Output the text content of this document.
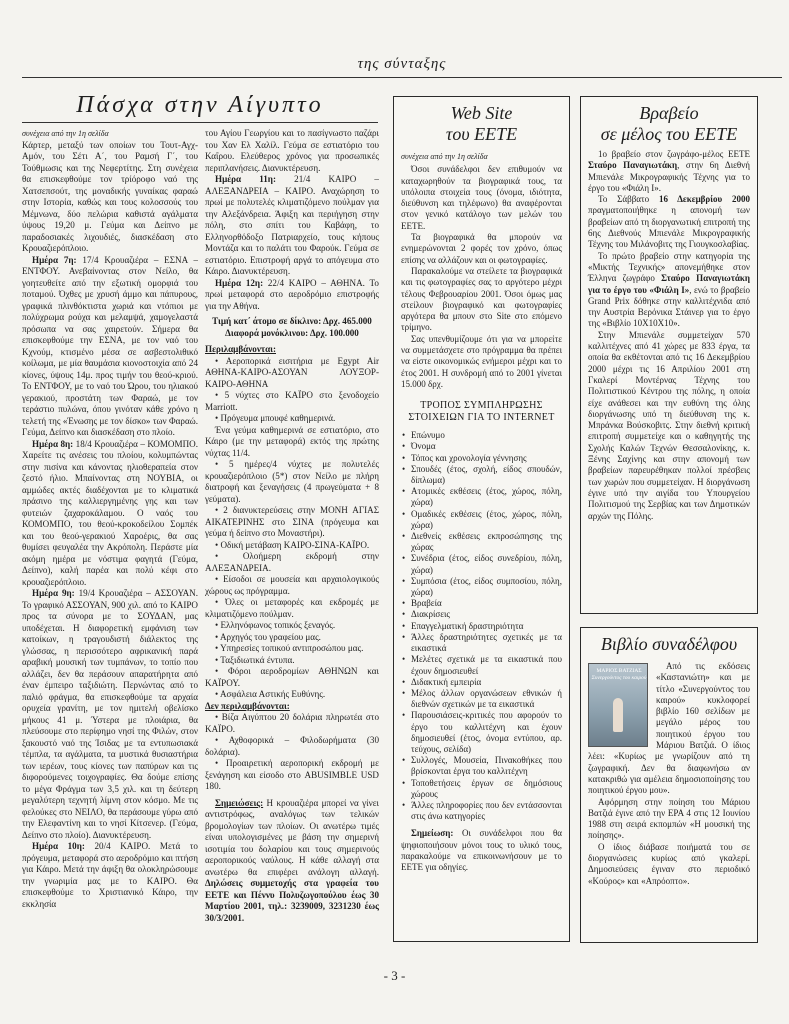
της σύνταξης
Πάσχα στην Αίγυπτο

συνέχεια από την 1η σελίδα

Κάρτερ, μεταξύ των οποίων του Τουτ-Αγχ-Αμόν, του Σέτι Α΄, του Ραμσή Γ΄, του Τούθμωσις και της Νεφερτίτης. Στη συνέχεια θα επισκεφθούμε τον τρίόροφο ναό της Χατσεπσούτ, της μοναδικής γυναίκας φαραώ στην Ιστορία, καθώς και τους κολοσσούς του Μέμνωνα, δύο πελώρια καθιστά αγάλματα ύψους 19,20 μ. Γεύμα και Δείπνο με παραδοσιακές λιχουδιές, διασκέδαση στο Κρουαζιερόπλοιο.

Ημέρα 7η: 17/4 Κρουαζιέρα – ΕΣΝΑ – ΕΝΤΦΟΥ. Ανεβαίνοντας στον Νείλο, θα γοητευθείτε από την εξωτική ομορφιά του ποταμού. Όχθες με χρυσή άμμο και πάπυρους, γραφικά πλινθόκτιστα χωριά και ντόπιοι με πολύχρωμα ρούχα και μελαμψά, χαμογελαστά πρόσωπα να σας χαιρετούν. Σήμερα θα επισκεφθούμε την ΕΣΝΑ, με τον ναό του Κχνούμ, κτισμένο μέσα σε ασβεστολιθικό κοίλωμα, με μία θαυμάσια κιονοστοιχία από 24 κίονες, ύψους 14μ. προς τιμήν του θεού-κριού. Το ΕΝΤΦΟΥ, με το ναό του Ώρου, του ηλιακού γερακιού, προστάτη των Φαραώ, με τον τεράστιο πυλώνα, όπου γινόταν κάθε χρόνο η τελετή της «Ένωσης με τον δίσκο» των Φαραώ. Γεύμα, Δείπνο και διασκέδαση στο πλοίο.

Ημέρα 8η: 18/4 Κρουαζιέρα – ΚΟΜΟΜΠΟ. Χαρείτε τις ανέσεις του πλοίου, κολυμπώντας στην πισίνα και κάνοντας ηλιοθεραπεία στον ζεστό ήλιο. Μπαίνοντας στη ΝΟΥΒΙΑ, οι αμμώδες ακτές διαδέχονται με το κλιματικά πράσινο της καλλιεργημένης γης και των φυτειών ζαχαροκάλαμου. Ο ναός του ΚΟΜΟΜΠΟ, του θεού-κροκοδείλου Σομπέκ και του θεού-γερακιού Χαροέρις, θα σας θυμίσει φευγαλέα την Ακρόπολη. Περάστε μία ακόμη ημέρα με νόστιμα φαγητά (Γεύμα, Δείπνο), καλή παρέα και πολύ κέφι στο κρουαζιερόπλοιο.

Ημέρα 9η: 19/4 Κρουαζιέρα – ΑΣΣΟΥΑΝ. Το γραφικό ΑΣΣΟΥΑΝ, 900 χιλ. από το ΚΑΙΡΟ προς τα σύνορα με το ΣΟΥΔΑΝ, μας υποδέχεται. Η διαφορετική εμφάνιση των κατοίκων, η τραγουδιστή διάλεκτος της γλώσσας, η περισσότερο αφρικανική παρά αραβική μουσική των τυμπάνων, το τοπίο που αλλάζει, δεν θα περάσουν απαρατήρητα από έναν έμπειρο ταξιδιώτη. Περνώντας από το παλιό φράγμα, θα επισκεφθούμε τα αρχαία ορυχεία γρανίτη, με τον ημιτελή οβελίσκο μήκους 41 μ. Ύστερα με πλοιάρια, θα πλεύσουμε στο περίφημο νησί της Φιλών, στον ξακουστό ναό της Ίσιδας με τα εντυπωσιακά τέμπλα, τα αγάλματα, τα μυστικά θυσιαστήρια των ιερέων, τους κίονες των παπύρων και τις διφορούμενες τοιχογραφίες. Θα δούμε επίσης το μέγα Φράγμα των 3,5 χιλ. και τη δεύτερη μεγαλύτερη τεχνητή λίμνη στον κόσμο. Με τις φελούκες στο ΝΕΙΛΟ, θα περάσουμε γύρω από την Ελεφαντίνη και το νησί Κίτσενερ. (Γεύμα, Δείπνο στο πλοίο). Διανυκτέρευση.

Ημέρα 10η: 20/4 ΚΑΙΡΟ. Μετά το πρόγευμα, μεταφορά στο αεροδρόμιο και πτήση για Κάιρο. Μετά την άφιξη θα ολοκληρώσουμε την γνωριμία μας με το ΚΑΙΡΟ. Θα επισκεφθούμε το Χριστιανικό Κάιρο, την εκκλησία

του Αγίου Γεωργίου και το πασίγνωστο παζάρι του Χαν Ελ Χαλίλ. Γεύμα σε εστιατόριο του Καΐρου. Ελεύθερος χρόνος για προσωπικές περιπλανήσεις. Διανυκτέρευση.

Ημέρα 11η: 21/4 ΚΑΙΡΟ – ΑΛΕΞΑΝΔΡΕΙΑ – ΚΑΙΡΟ. Αναχώρηση το πρωί με πολυτελές κλιματιζόμενο πούλμαν για την Αλεξάνδρεια. Άφιξη και περιήγηση στην πόλη, στο σπίτι του Καβάφη, το Ελληνορθόδοξο Πατριαρχείο, τους κήπους Μοντάζα και το παλάτι του Φαρούκ. Γεύμα σε εστιατόριο. Επιστροφή αργά το απόγευμα στο Κάιρο. Διανυκτέρευση.

Ημέρα 12η: 22/4 ΚΑΙΡΟ – ΑΘΗΝΑ. Το πρωί μεταφορά στο αεροδρόμιο επιστροφής για την Αθήνα.

Τιμή κατ΄ άτομο σε δίκλινο: Δρχ. 465.000
Διαφορά μονόκλινου: Δρχ. 100.000

Περιλαμβάνονται:

• Αεροπορικά εισιτήρια με Egypt Air ΑΘΗΝΑ-ΚΑΙΡΟ-ΑΣΟΥΑΝ ΛΟΥΞΟΡ-ΚΑΙΡΟ-ΑΘΗΝΑ

• 5 νύχτες στο ΚΑΪΡΟ στο ξενοδοχείο Marriott.

• Πρόγευμα μπουφέ καθημερινά.

Ένα γεύμα καθημερινά σε εστιατόριο, στο Κάιρο (με την μεταφορά) εκτός της πρώτης νύχτας 11/4.

• 5 ημέρες/4 νύχτες με πολυτελές κρουαζιερόπλοιο (5*) στον Νείλο με πλήρη διατροφή και ξεναγήσεις (4 πρωγεύματα + 8 γεύματα).

• 2 διανυκτερεύσεις στην ΜΟΝΗ ΑΓΙΑΣ ΑΙΚΑΤΕΡΙΝΗΣ στο ΣΙΝΑ (πρόγευμα και γεύμα ή δείπνο στο Μοναστήρι).

• Οδική μετάβαση ΚΑΙΡΟ-ΣΙΝΑ-ΚΑΪΡΟ.

• Ολοήμερη εκδρομή στην ΑΛΕΞΑΝΔΡΕΙΑ.

• Είσοδοι σε μουσεία και αρχαιολογικούς χώρους ως πρόγραμμα.

• Όλες οι μεταφορές και εκδρομές με κλιματιζόμενο πούλμαν.

• Ελληνόφωνος τοπικός ξεναγός.

• Αρχηγός του γραφείου μας.

• Υπηρεσίες τοπικού αντιπροσώπου μας.

• Ταξιδιωτικά έντυπα.

• Φόροι αεροδρομίων ΑΘΗΝΩΝ και ΚΑΪΡΟΥ.

• Ασφάλεια Αστικής Ευθύνης.

Δεν περιλαμβάνονται:

• Βίζα Αιγύπτου 20 δολάρια πληρωτέα στο ΚΑΪΡΟ.

• Αχθοφορικά – Φιλοδωρήματα (30 δολάρια).

• Προαιρετική αεροπορική εκδρομή με ξενάγηση και είσοδο στο ABUSIMBLE USD 180.

Σημειώσεις: Η κρουαζιέρα μπορεί να γίνει αντιστρόφως, αναλόγως των τελικών βρομολογίων των πλοίων. Οι ανωτέρω τιμές είναι υπολογισμένες με βάση την σημερινή ισοτιμία του δολαρίου και τους σημερινούς αεροπορικούς ναύλους. Η κάθε αλλαγή στα ανωτέρω θα επιφέρει ανάλογη αλλαγή. Δηλώσεις συμμετοχής στα γραφεία του ΕΕΤΕ και Πέννυ Πολυζωγοπούλου έως 30 Μαρτίου 2001, τηλ.: 3239009, 3231230 έως 30/3/2001.

Web Site
του ΕΕΤΕ

συνέχεια από την 1η σελίδα

Όσοι συνάδελφοι δεν επιθυμούν να καταχωρηθούν τα βιογραφικά τους, τα υπόλοιπα στοιχεία τους (όνομα, ιδιότητα, διεύθυνση και τηλέφωνο) θα αναφέρονται στον γενικό κατάλογο των μελών του ΕΕΤΕ.

Τα βιογραφικά θα μπορούν να ενημερώνονται 2 φορές τον χρόνο, όπως επίσης να αλλάζουν και οι φωτογραφίες.

Παρακαλούμε να στείλετε τα βιογραφικά και τις φωτογραφίες σας το αργότερο μέχρι τέλους Φεβρουαρίου 2001. Όσοι όμως μας στείλουν βιογραφικό και φωτογραφίες αργότερα θα μπουν στο Site στο επόμενο τρίμηνο.

Σας υπενθυμίζουμε ότι για να μπορείτε να συμμετάσχετε στο πρόγραμμα θα πρέπει να είστε οικονομικώς ενήμεροι μέχρι και το έτος 2001. Η συνδρομή από το 2001 γίνεται 15.000 δρχ.

ΤΡΟΠΟΣ ΣΥΜΠΛΗΡΩΣΗΣ
ΣΤΟΙΧΕΙΩΝ ΓΙΑ ΤΟ INTERNET
• Επώνυμο
• Όνομα
• Τόπος και χρονολογία γέννησης
• Σπουδές (έτος, σχολή, είδος σπουδών, δίπλωμα)
• Ατομικές εκθέσεις (έτος, χώρος, πόλη, χώρα)
• Ομαδικές εκθέσεις (έτος, χώρος, πόλη, χώρα)
• Διεθνείς εκθέσεις εκπροσώπησης της χώρας
• Συνέδρια (έτος, είδος συνεδρίου, πόλη, χώρα)
• Συμπόσια (έτος, είδος συμποσίου, πόλη, χώρα)
• Βραβεία
• Διακρίσεις
• Επαγγελματική δραστηριότητα
• Άλλες δραστηριότητες σχετικές με τα εικαστικά
• Μελέτες σχετικά με τα εικαστικά που έχουν δημοσιευθεί
• Διδακτική εμπειρία
• Μέλος άλλων οργανώσεων εθνικών ή διεθνών σχετικών με τα εικαστικά
• Παρουσιάσεις-κριτικές που αφορούν το έργο του καλλιτέχνη και έχουν δημοσιευθεί (έτος, όνομα εντύπου, αρ. τεύχους, σελίδα)
• Συλλογές, Μουσεία, Πινακοθήκες που βρίσκονται έργα του καλλιτέχνη
• Τοποθετήσεις έργων σε δημόσιους χώρους
• Άλλες πληροφορίες που δεν εντάσσονται στις άνω κατηγορίες

Σημείωση: Οι συνάδελφοι που θα ψηφιοποιήσουν μόνοι τους το υλικό τους, παρακαλούμε να επικοινωνήσουν με το ΕΕΤΕ για οδηγίες.

Βραβείο
σε μέλος του ΕΕΤΕ

1ο βραβείο στον ζωγράφο-μέλος ΕΕΤΕ Σταύρο Παναγιωτάκη, στην 6η Διεθνή Μπιενάλε Μικρογραφικής Τέχνης για το έργο του «Φιάλη Ι».

Το Σάββατο 16 Δεκεμβρίου 2000 πραγματοποιήθηκε η απονομή των βραβείων από τη διοργανωτική επιτροπή της 6ης Διεθνούς Μπιενάλε Μικρογραφικής Τέχνης του Μιλάνοβιτς της Γιουγκοσλαβίας.

Το πρώτο βραβείο στην κατηγορία της «Μικτής Τεχνικής» απονεμήθηκε στον Έλληνα ζωγράφο Σταύρο Παναγιωτάκη για το έργο του «Φιάλη Ι», ενώ το βραβείο Grand Prix δόθηκε στην καλλιτέχνιδα από την Αυστρία Βερόνικα Στάινερ για το έργο της «Βιβλίο 10Χ10Χ10».

Στην Μπιενάλε συμμετείχαν 570 καλλιτέχνες από 41 χώρες με 833 έργα, τα οποία θα εκθέτονται από τις 16 Δεκεμβρίου 2000 μέχρι τις 16 Απριλίου 2001 στη Γκαλερί Μοντέρνας Τέχνης του Πολιτιστικού Κέντρου της πόλης, η οποία είχε ανάθεσει και την ευθύνη της όλης διοργάνωσης υπό τη διεύθυνση της κ. Μπράνκα Βούσκοβιτς. Στην διεθνή κριτική επιτροπή συμμετείχε και ο καθηγητής της Σχολής Καλών Τεχνών Θεσσαλονίκης, κ. Ξένης Σαχίνης και στην απονομή των βραβείων παρευρέθηκαν πολλοί πρέσβεις των χωρών που συμμετείχαν. Η διοργάνωση έγινε υπό την αιγίδα του Υπουργείου Πολιτισμού της Σερβίας και των Δημοτικών αρχών της Πόλης.

Βιβλίο συναδέλφου
ΜΑΡΙΟΣ ΒΑΤΖΙΑΣ
Συνεργούντος του καιρού

Από τις εκδόσεις «Καστανιώτη» και με τίτλο «Συνεργούντος του καιρού» κυκλοφορεί βιβλίο 160 σελίδων με μεγάλο μέρος του ποιητικού έργου του Μάριου Βατζιά. Ο ίδιος λέει: «Κυρίως με γνωρίζουν από τη ζωγραφική. Δεν θα διαφωνήσω αν κατακριθώ για αμέλεια δημοσιοποίησης του ποιητικού έργου μου».

Αφόρμηση στην ποίηση του Μάριου Βατζιά έγινε από την ΕΡΑ 4 στις 12 Ιουνίου 1988 στη σειρά εκπομπών «Η μουσική της ποίησης».

Ο ίδιος διάβασε ποιήματά του σε διοργανώσεις κυρίως από γκαλερί. Δημοσιεύσεις έγιναν στο περιοδικό «Κούρος» και «Απρόοπτο».

- 3 -
